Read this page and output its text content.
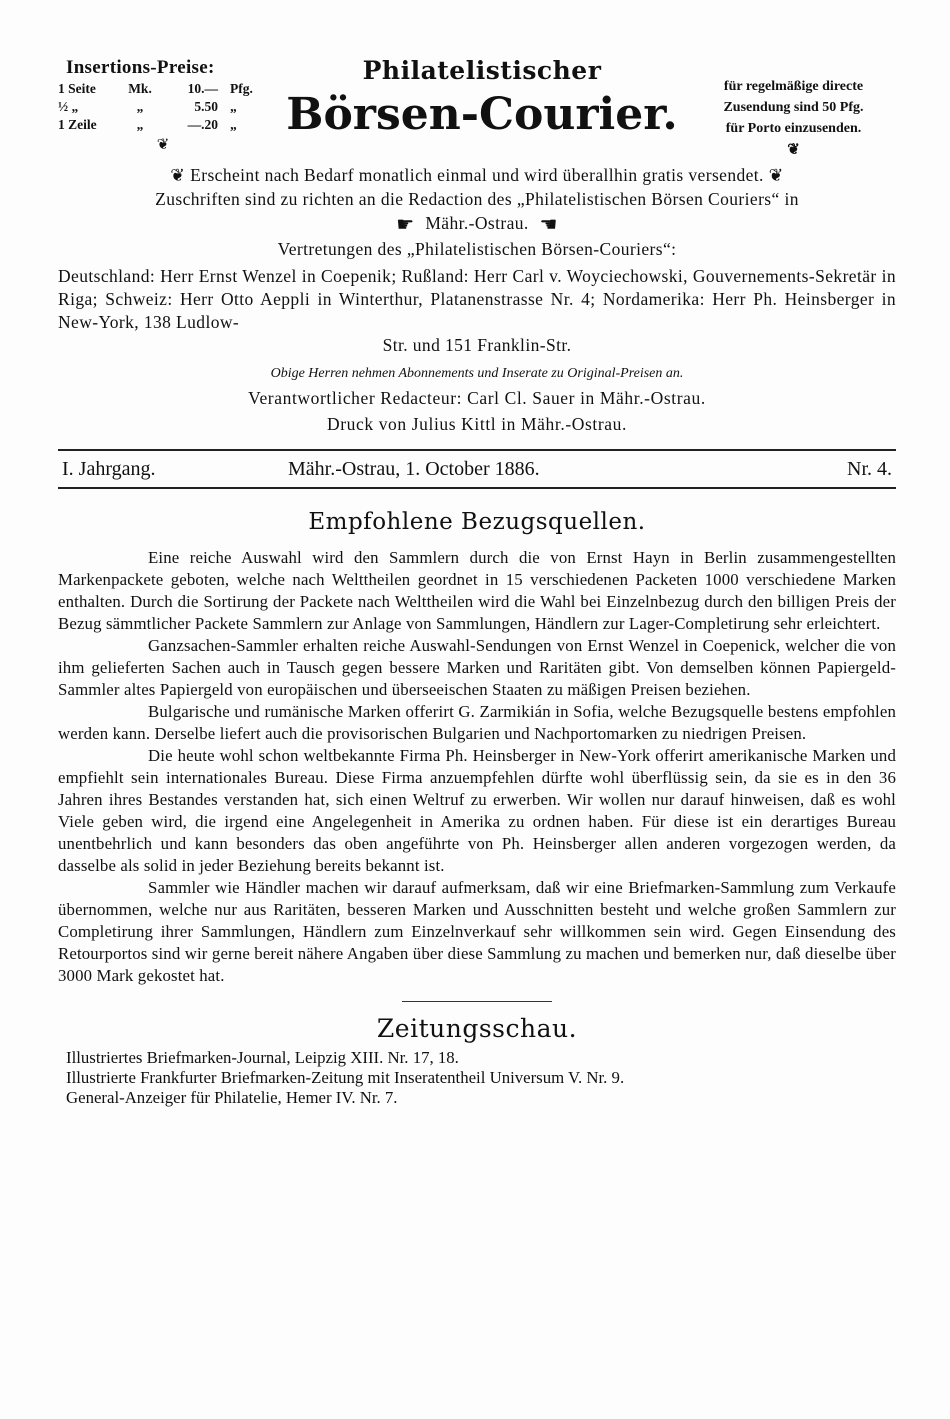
Insertions-Preise:
1 Seite	Mk.	10.— Pfg.
½ „	„	5.50 „
1 Zeile	„	—.20 „
❦
Philatelistischer
Börsen-Courier.
für regelmäßige directe
Zusendung sind 50 Pfg.
für Porto einzusenden.
❦
❦ Erscheint nach Bedarf monatlich einmal und wird überallhin gratis versendet. ❦
Zuschriften sind zu richten an die Redaction des „Philatelistischen Börsen Couriers“ in
☛ Mähr.-Ostrau. ☚
Vertretungen des „Philatelistischen Börsen-Couriers“:
Deutschland: Herr Ernst Wenzel in Coepenik; Rußland: Herr Carl v. Woyciechowski, Gouvernements-Sekretär in Riga; Schweiz: Herr Otto Aeppli in Winterthur, Platanenstrasse Nr. 4; Nordamerika: Herr Ph. Heinsberger in New-York, 138 Ludlow-
Str. und 151 Franklin-Str.
Obige Herren nehmen Abonnements und Inserate zu Original-Preisen an.
Verantwortlicher Redacteur: Carl Cl. Sauer in Mähr.-Ostrau.
Druck von Julius Kittl in Mähr.-Ostrau.
I. Jahrgang.	Mähr.-Ostrau, 1. October 1886.	Nr. 4.
Empfohlene Bezugsquellen.

Eine reiche Auswahl wird den Sammlern durch die von Ernst Hayn in Berlin zusammengestellten Markenpackete geboten, welche nach Welttheilen geordnet in 15 verschiedenen Packeten 1000 verschiedene Marken enthalten. Durch die Sortirung der Packete nach Welttheilen wird die Wahl bei Einzelnbezug durch den billigen Preis der Bezug sämmtlicher Packete Sammlern zur Anlage von Sammlungen, Händlern zur Lager-Completirung sehr erleichtert.

Ganzsachen-Sammler erhalten reiche Auswahl-Sendungen von Ernst Wenzel in Coepenick, welcher die von ihm gelieferten Sachen auch in Tausch gegen bessere Marken und Raritäten gibt. Von demselben können Papiergeld-Sammler altes Papiergeld von europäischen und überseeischen Staaten zu mäßigen Preisen beziehen.

Bulgarische und rumänische Marken offerirt G. Zarmikián in Sofia, welche Bezugsquelle bestens empfohlen werden kann. Derselbe liefert auch die provisorischen Bulgarien und Nachportomarken zu niedrigen Preisen.

Die heute wohl schon weltbekannte Firma Ph. Heinsberger in New-York offerirt amerikanische Marken und empfiehlt sein internationales Bureau. Diese Firma anzuempfehlen dürfte wohl überflüssig sein, da sie es in den 36 Jahren ihres Bestandes verstanden hat, sich einen Weltruf zu erwerben. Wir wollen nur darauf hinweisen, daß es wohl Viele geben wird, die irgend eine Angelegenheit in Amerika zu ordnen haben. Für diese ist ein derartiges Bureau unentbehrlich und kann besonders das oben angeführte von Ph. Heinsberger allen anderen vorgezogen werden, da dasselbe als solid in jeder Beziehung bereits bekannt ist.

Sammler wie Händler machen wir darauf aufmerksam, daß wir eine Briefmarken-Sammlung zum Verkaufe übernommen, welche nur aus Raritäten, besseren Marken und Ausschnitten besteht und welche großen Sammlern zur Completirung ihrer Sammlungen, Händlern zum Einzelnverkauf sehr willkommen sein wird. Gegen Einsendung des Retourportos sind wir gerne bereit nähere Angaben über diese Sammlung zu machen und bemerken nur, daß dieselbe über 3000 Mark gekostet hat.

Zeitungsschau.
Illustriertes Briefmarken-Journal, Leipzig XIII. Nr. 17, 18.
Illustrierte Frankfurter Briefmarken-Zeitung mit Inseratentheil Universum V. Nr. 9.
General-Anzeiger für Philatelie, Hemer IV. Nr. 7.
